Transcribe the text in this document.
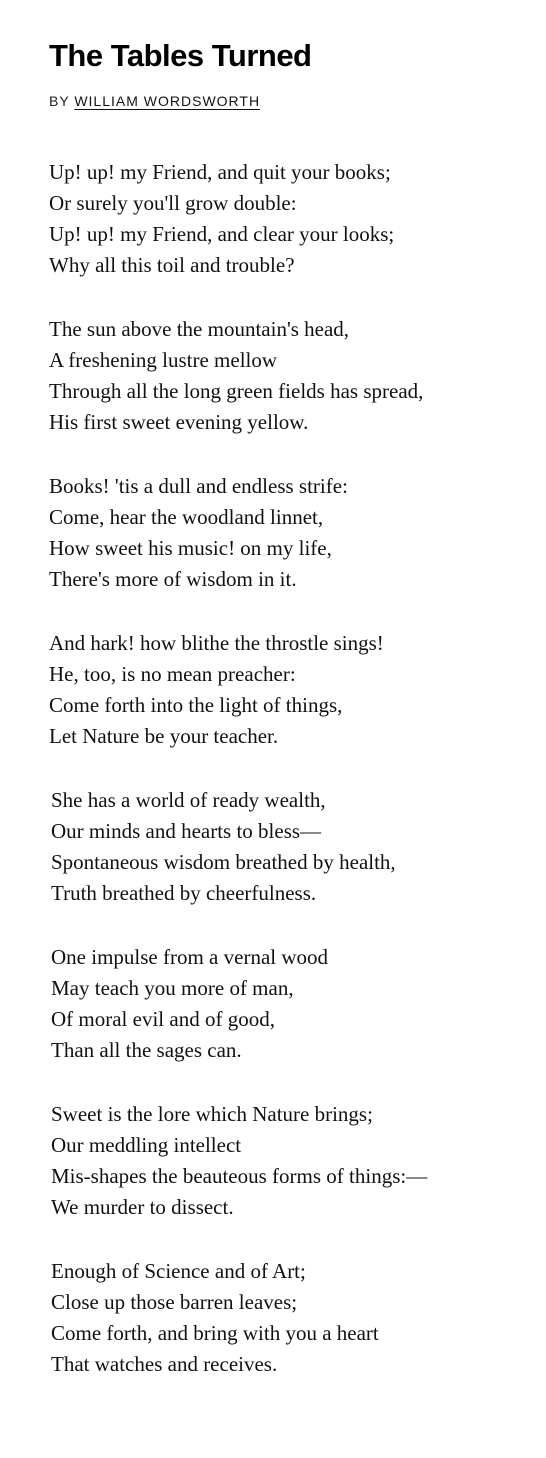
The Tables Turned
BY WILLIAM WORDSWORTH
Up! up! my Friend, and quit your books;
Or surely you'll grow double:
Up! up! my Friend, and clear your looks;
Why all this toil and trouble?
The sun above the mountain's head,
A freshening lustre mellow
Through all the long green fields has spread,
His first sweet evening yellow.
Books! 'tis a dull and endless strife:
Come, hear the woodland linnet,
How sweet his music! on my life,
There's more of wisdom in it.
And hark! how blithe the throstle sings!
He, too, is no mean preacher:
Come forth into the light of things,
Let Nature be your teacher.
She has a world of ready wealth,
Our minds and hearts to bless—
Spontaneous wisdom breathed by health,
Truth breathed by cheerfulness.
One impulse from a vernal wood
May teach you more of man,
Of moral evil and of good,
Than all the sages can.
Sweet is the lore which Nature brings;
Our meddling intellect
Mis-shapes the beauteous forms of things:—
We murder to dissect.
Enough of Science and of Art;
Close up those barren leaves;
Come forth, and bring with you a heart
That watches and receives.
